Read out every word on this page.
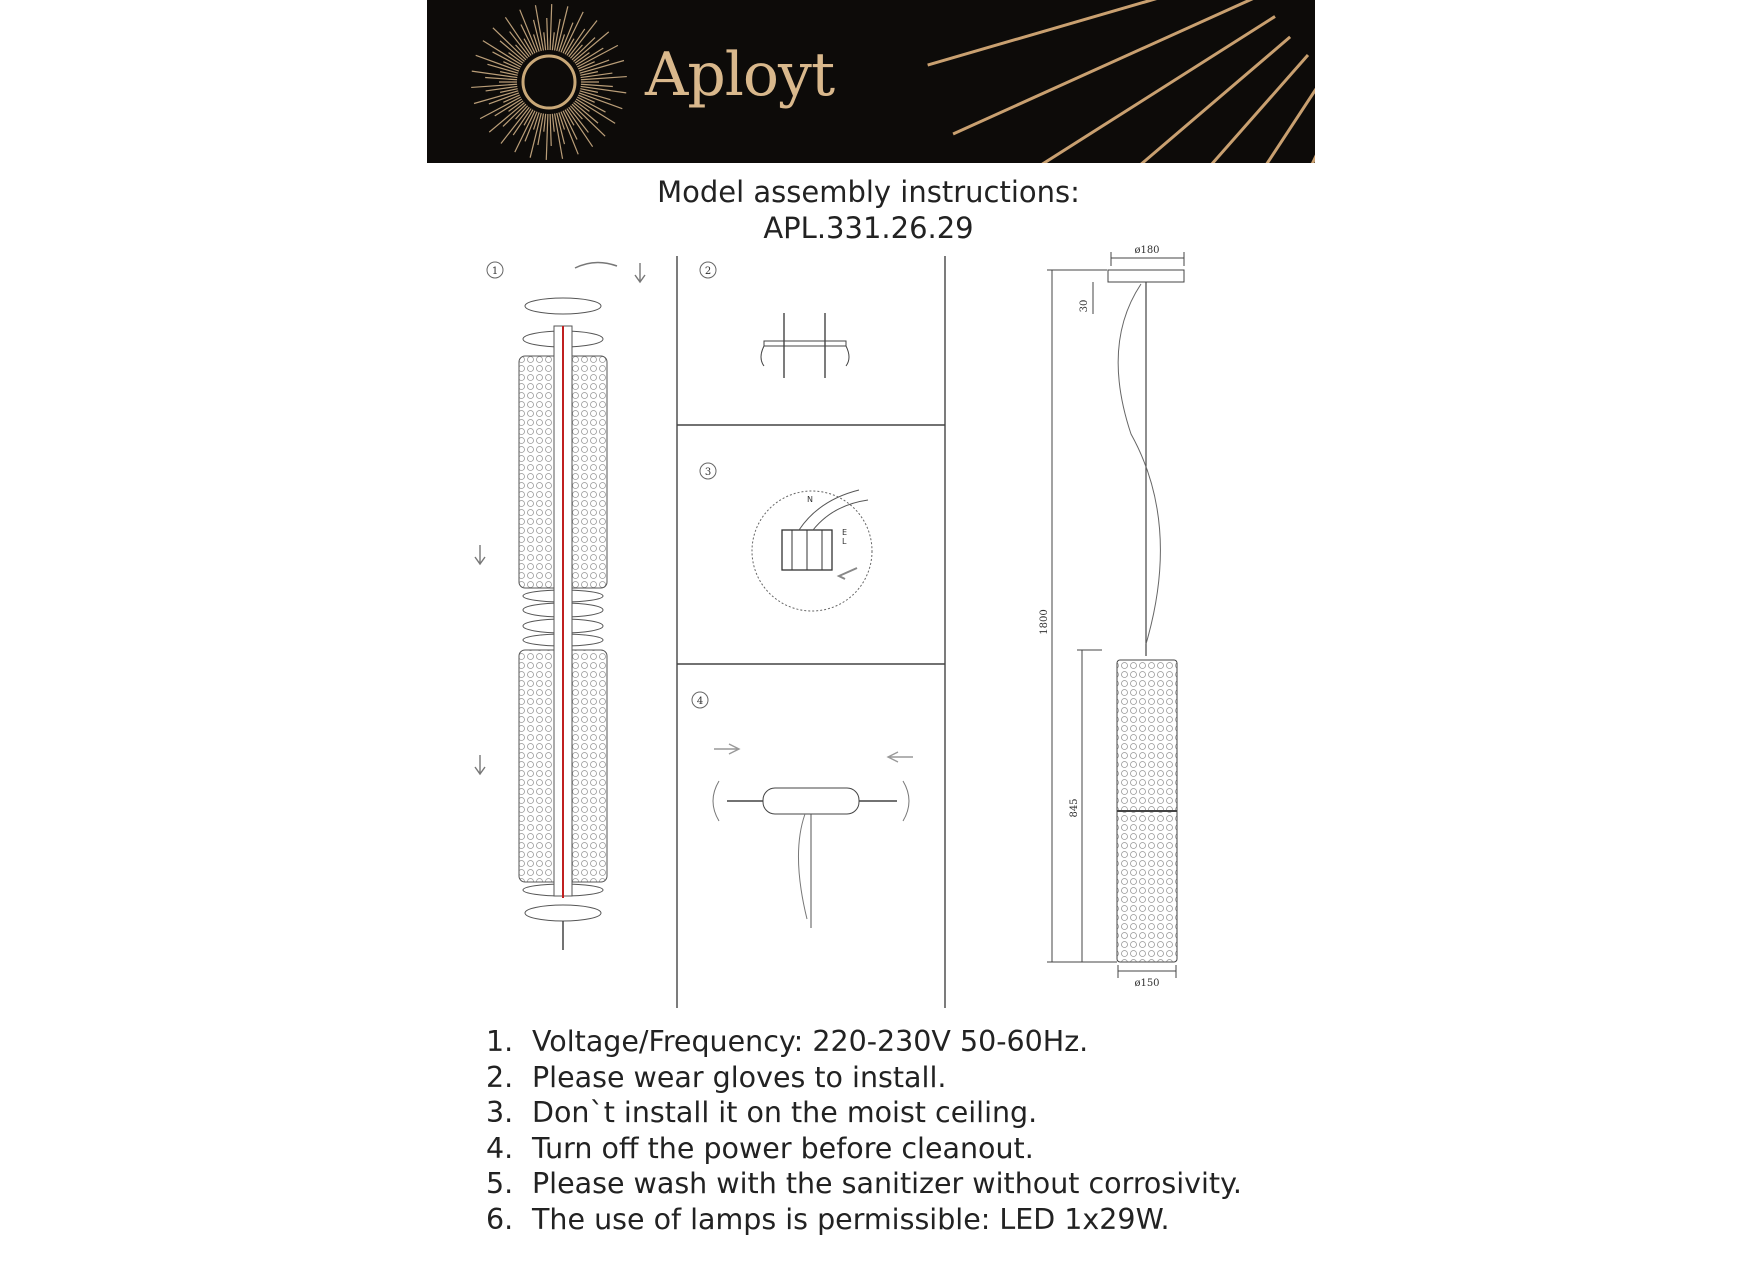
Aployt
Model assembly instructions:
APL.331.26.29
1	2
3
N
E
L
4
ø180
30
1800
845
ø150
1. Voltage/Frequency: 220-230V 50-60Hz.
2. Please wear gloves to install.
3. Don`t install it on the moist ceiling.
4. Turn off the power before cleanout.
5. Please wash with the sanitizer without corrosivity.
6. The use of lamps is permissible: LED 1x29W.
